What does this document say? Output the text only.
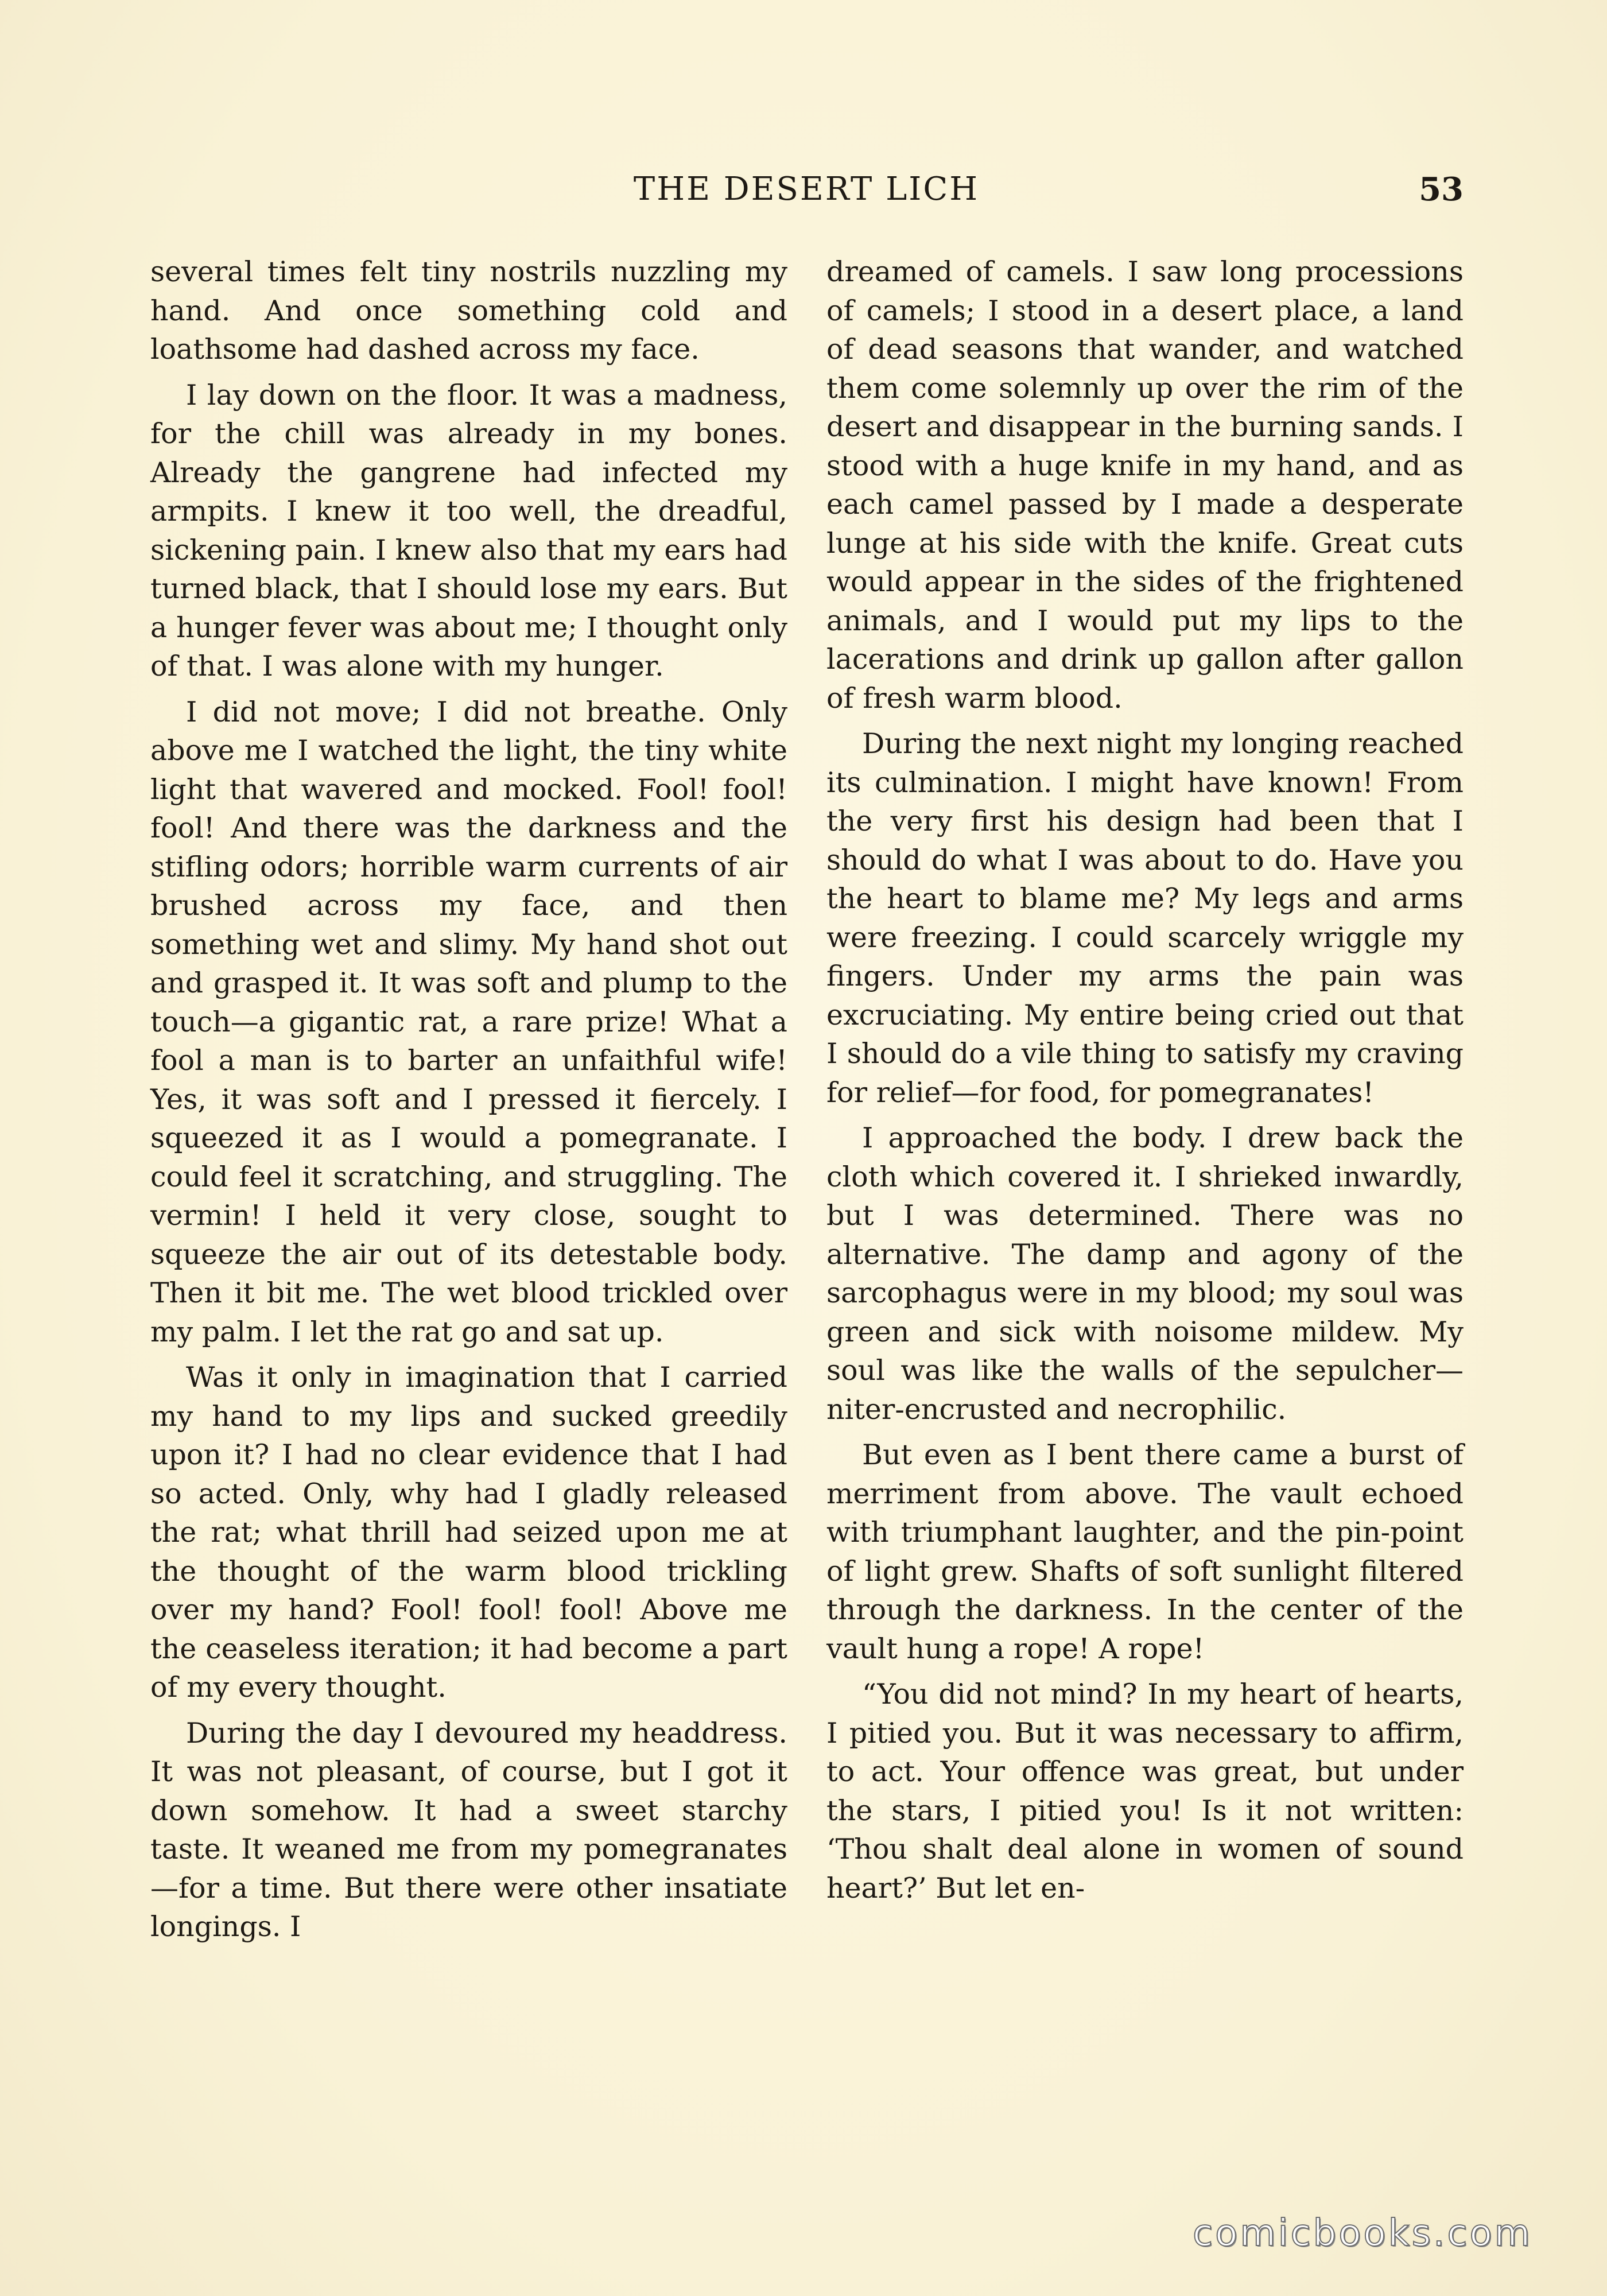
THE DESERT LICH	53

several times felt tiny nostrils nuzzling my hand. And once something cold and loathsome had dashed across my face.

I lay down on the floor. It was a madness, for the chill was already in my bones. Already the gangrene had infected my armpits. I knew it too well, the dreadful, sickening pain. I knew also that my ears had turned black, that I should lose my ears. But a hunger fever was about me; I thought only of that. I was alone with my hunger.

I did not move; I did not breathe. Only above me I watched the light, the tiny white light that wavered and mocked. Fool! fool! fool! And there was the darkness and the stifling odors; horrible warm currents of air brushed across my face, and then something wet and slimy. My hand shot out and grasped it. It was soft and plump to the touch—a gigantic rat, a rare prize! What a fool a man is to barter an unfaithful wife! Yes, it was soft and I pressed it fiercely. I squeezed it as I would a pomegranate. I could feel it scratching, and struggling. The vermin! I held it very close, sought to squeeze the air out of its detestable body. Then it bit me. The wet blood trickled over my palm. I let the rat go and sat up.

Was it only in imagination that I carried my hand to my lips and sucked greedily upon it? I had no clear evidence that I had so acted. Only, why had I gladly released the rat; what thrill had seized upon me at the thought of the warm blood trickling over my hand? Fool! fool! fool! Above me the ceaseless iteration; it had become a part of my every thought.

During the day I devoured my headdress. It was not pleasant, of course, but I got it down somehow. It had a sweet starchy taste. It weaned me from my pomegranates—for a time. But there were other insatiate longings. I

dreamed of camels. I saw long processions of camels; I stood in a desert place, a land of dead seasons that wander, and watched them come solemnly up over the rim of the desert and disappear in the burning sands. I stood with a huge knife in my hand, and as each camel passed by I made a desperate lunge at his side with the knife. Great cuts would appear in the sides of the frightened animals, and I would put my lips to the lacerations and drink up gallon after gallon of fresh warm blood.

During the next night my longing reached its culmination. I might have known! From the very first his design had been that I should do what I was about to do. Have you the heart to blame me? My legs and arms were freezing. I could scarcely wriggle my fingers. Under my arms the pain was excruciating. My entire being cried out that I should do a vile thing to satisfy my craving for relief—for food, for pomegranates!

I approached the body. I drew back the cloth which covered it. I shrieked inwardly, but I was determined. There was no alternative. The damp and agony of the sarcophagus were in my blood; my soul was green and sick with noisome mildew. My soul was like the walls of the sepulcher—niter-encrusted and necrophilic.

But even as I bent there came a burst of merriment from above. The vault echoed with triumphant laughter, and the pin-point of light grew. Shafts of soft sunlight filtered through the darkness. In the center of the vault hung a rope! A rope!

“You did not mind? In my heart of hearts, I pitied you. But it was necessary to affirm, to act. Your offence was great, but under the stars, I pitied you! Is it not written: ‘Thou shalt deal alone in women of sound heart?’ But let en-

comicbooks.com
